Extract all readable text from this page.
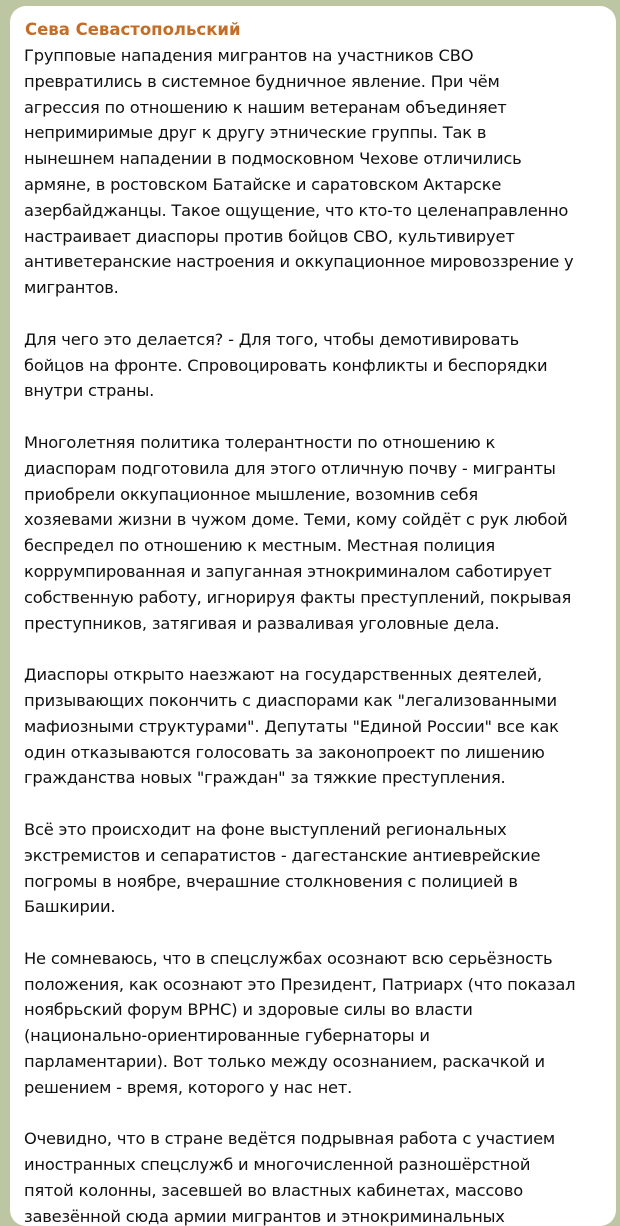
Сева Севастопольский
Групповые нападения мигрантов на участников СВО
превратились в системное будничное явление. При чём
агрессия по отношению к нашим ветеранам объединяет
непримиримые друг к другу этнические группы. Так в
нынешнем нападении в подмосковном Чехове отличились
армяне, в ростовском Батайске и саратовском Актарске
азербайджанцы. Такое ощущение, что кто-то целенаправленно
настраивает диаспоры против бойцов СВО, культивирует
антиветеранские настроения и оккупационное мировоззрение у
мигрантов.
Для чего это делается? - Для того, чтобы демотивировать
бойцов на фронте. Спровоцировать конфликты и беспорядки
внутри страны.
Многолетняя политика толерантности по отношению к
диаспорам подготовила для этого отличную почву - мигранты
приобрели оккупационное мышление, возомнив себя
хозяевами жизни в чужом доме. Теми, кому сойдёт с рук любой
беспредел по отношению к местным. Местная полиция
коррумпированная и запуганная этнокриминалом саботирует
собственную работу, игнорируя факты преступлений, покрывая
преступников, затягивая и разваливая уголовные дела.
Диаспоры открыто наезжают на государственных деятелей,
призывающих покончить с диаспорами как "легализованными
мафиозными структурами". Депутаты "Единой России" все как
один отказываются голосовать за законопроект по лишению
гражданства новых "граждан" за тяжкие преступления.
Всё это происходит на фоне выступлений региональных
экстремистов и сепаратистов - дагестанские антиеврейские
погромы в ноябре, вчерашние столкновения с полицией в
Башкирии.
Не сомневаюсь, что в спецслужбах осознают всю серьёзность
положения, как осознают это Президент, Патриарх (что показал
ноябрьский форум ВРНС) и здоровые силы во власти
(национально-ориентированные губернаторы и
парламентарии). Вот только между осознанием, раскачкой и
решением - время, которого у нас нет.
Очевидно, что в стране ведётся подрывная работа с участием
иностранных спецслужб и многочисленной разношёрстной
пятой колонны, засевшей во властных кабинетах, массово
завезённой сюда армии мигрантов и этнокриминальных
